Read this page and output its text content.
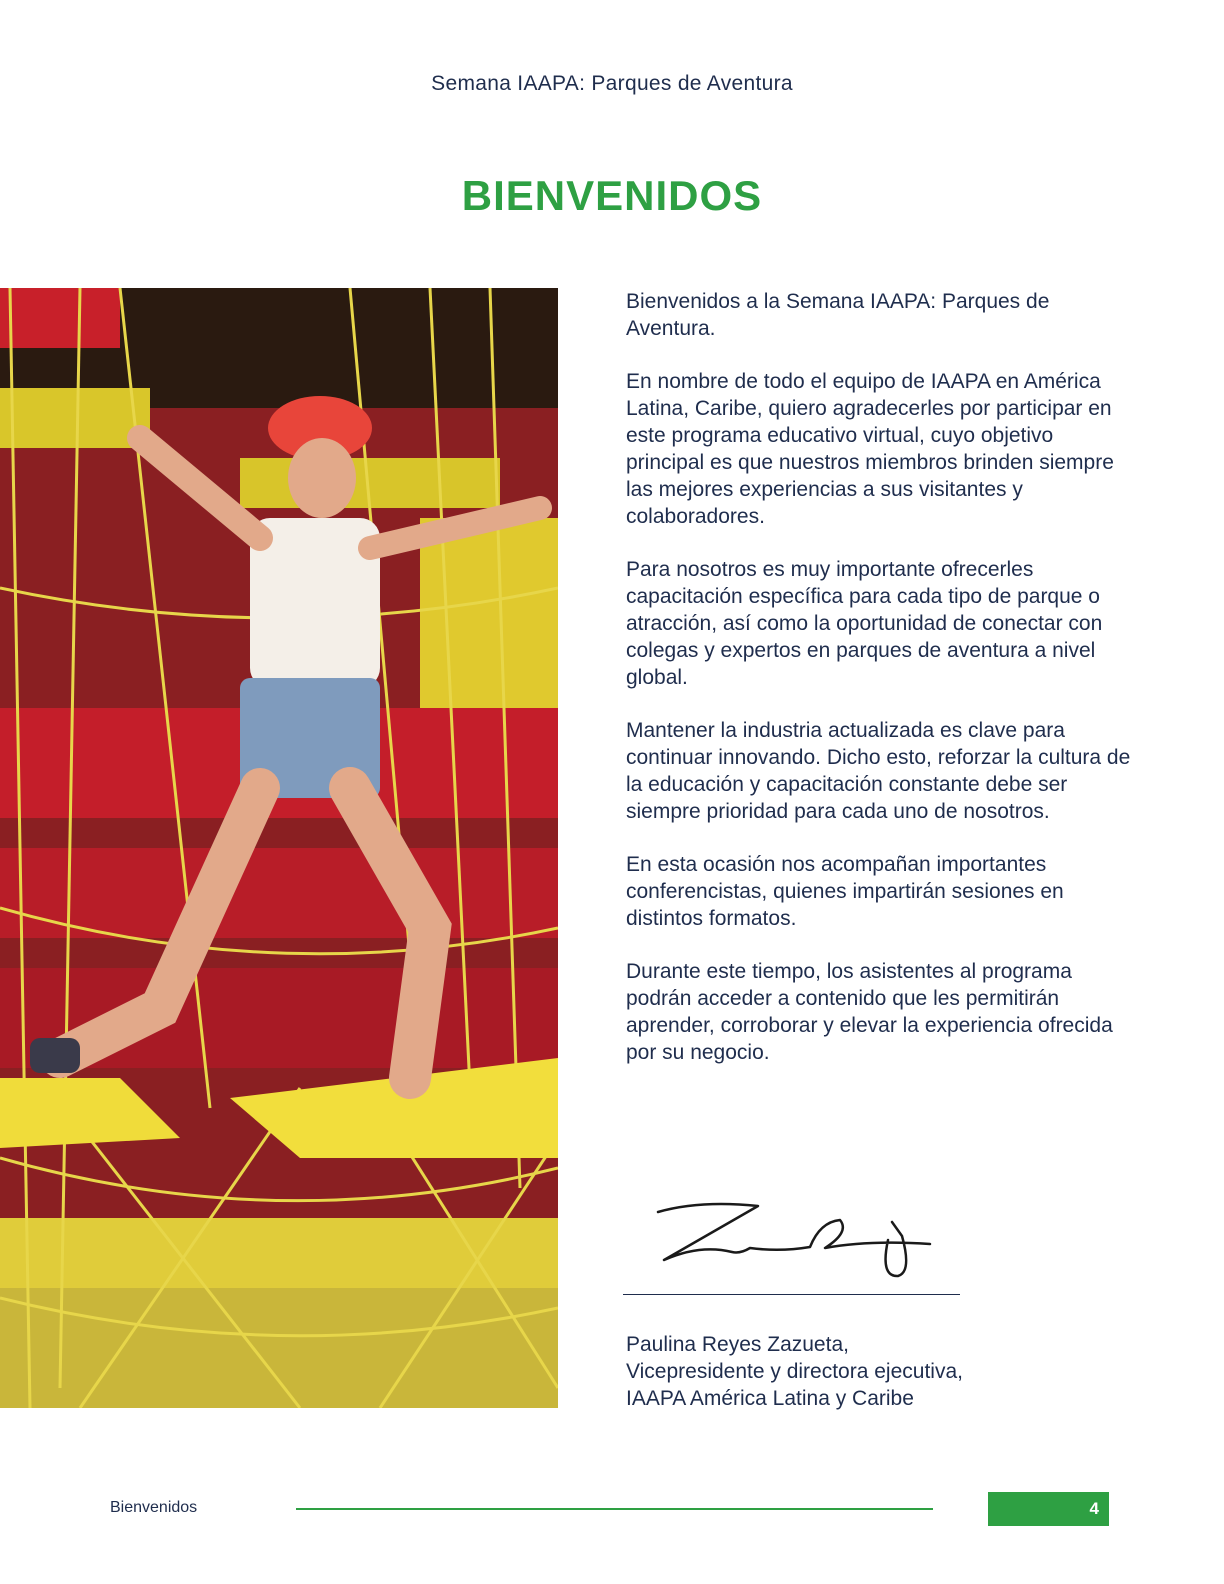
Semana IAAPA: Parques de Aventura
BIENVENIDOS

Bienvenidos a la Semana IAAPA: Parques de Aventura.

En nombre de todo el equipo de IAAPA en América Latina, Caribe, quiero agradecerles por participar en este programa educativo virtual, cuyo objetivo principal es que nuestros miembros brinden siempre las mejores experiencias a sus visitantes y colaboradores.

Para nosotros es muy importante ofrecerles capacitación específica para cada tipo de parque o atracción, así como la oportunidad de conectar con colegas y expertos en parques de aventura a nivel global.

Mantener la industria actualizada es clave para continuar innovando. Dicho esto, reforzar la cultura de la educación y capacitación constante debe ser siempre prioridad para cada uno de nosotros.

En esta ocasión nos acompañan importantes conferencistas, quienes impartirán sesiones en distintos formatos.

Durante este tiempo, los asistentes al programa podrán acceder a contenido que les permitirán aprender, corroborar y elevar la experiencia ofrecida por su negocio.

Paulina Reyes Zazueta,
Vicepresidente y directora ejecutiva,
IAAPA América Latina y Caribe
Bienvenidos	4
